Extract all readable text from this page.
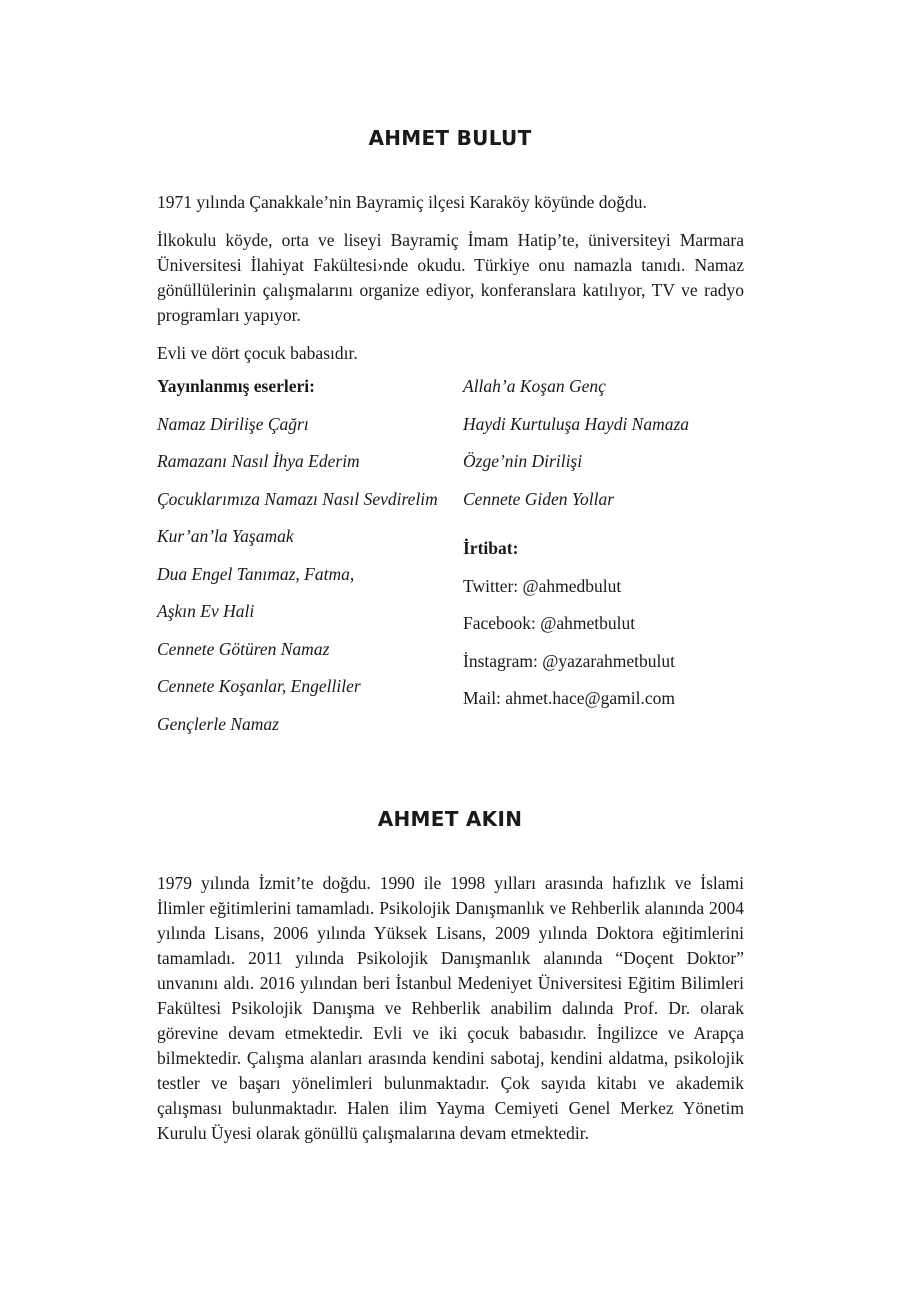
AHMET BULUT

1971 yılında Çanakkale’nin Bayramiç ilçesi Karaköy köyünde doğdu.

İlkokulu köyde, orta ve liseyi Bayramiç İmam Hatip’te, üniversiteyi Marmara Üniversitesi İlahiyat Fakültesi›nde okudu. Türkiye onu namazla tanıdı. Namaz gönüllülerinin çalışmalarını organize ediyor, konferanslara katılıyor, TV ve radyo programları yapıyor.

Evli ve dört çocuk babasıdır.

Yayınlanmış eserleri:
Namaz Dirilişe Çağrı
Ramazanı Nasıl İhya Ederim
Çocuklarımıza Namazı Nasıl Sevdirelim
Kur’an’la Yaşamak
Dua Engel Tanımaz, Fatma,
Aşkın Ev Hali
Cennete Götüren Namaz
Cennete Koşanlar, Engelliler
Gençlerle Namaz
Allah’a Koşan Genç
Haydi Kurtuluşa Haydi Namaza
Özge’nin Dirilişi
Cennete Giden Yollar
İrtibat:
Twitter: @ahmedbulut
Facebook: @ahmetbulut
İnstagram: @yazarahmetbulut
Mail: ahmet.hace@gamil.com
AHMET AKIN

1979 yılında İzmit’te doğdu. 1990 ile 1998 yılları arasında hafızlık ve İslami İlimler eğitimlerini tamamladı. Psikolojik Danışmanlık ve Rehberlik alanında 2004 yılında Lisans, 2006 yılında Yüksek Lisans, 2009 yılında Doktora eğitimlerini tamamladı. 2011 yılında Psikolojik Danışmanlık alanında “Doçent Doktor” unvanını aldı. 2016 yılından beri İstanbul Medeniyet Üniversitesi Eğitim Bilimleri Fakültesi Psikolojik Danışma ve Rehberlik anabilim dalında Prof. Dr. olarak görevine devam etmektedir. Evli ve iki çocuk babasıdır. İngilizce ve Arapça bilmektedir. Çalışma alanları arasında kendini sabotaj, kendini aldatma, psikolojik testler ve başarı yönelimleri bulunmaktadır. Çok sayıda kitabı ve akademik çalışması bulunmaktadır. Halen ilim Yayma Cemiyeti Genel Merkez Yönetim Kurulu Üyesi olarak gönüllü çalışmalarına devam etmektedir.
